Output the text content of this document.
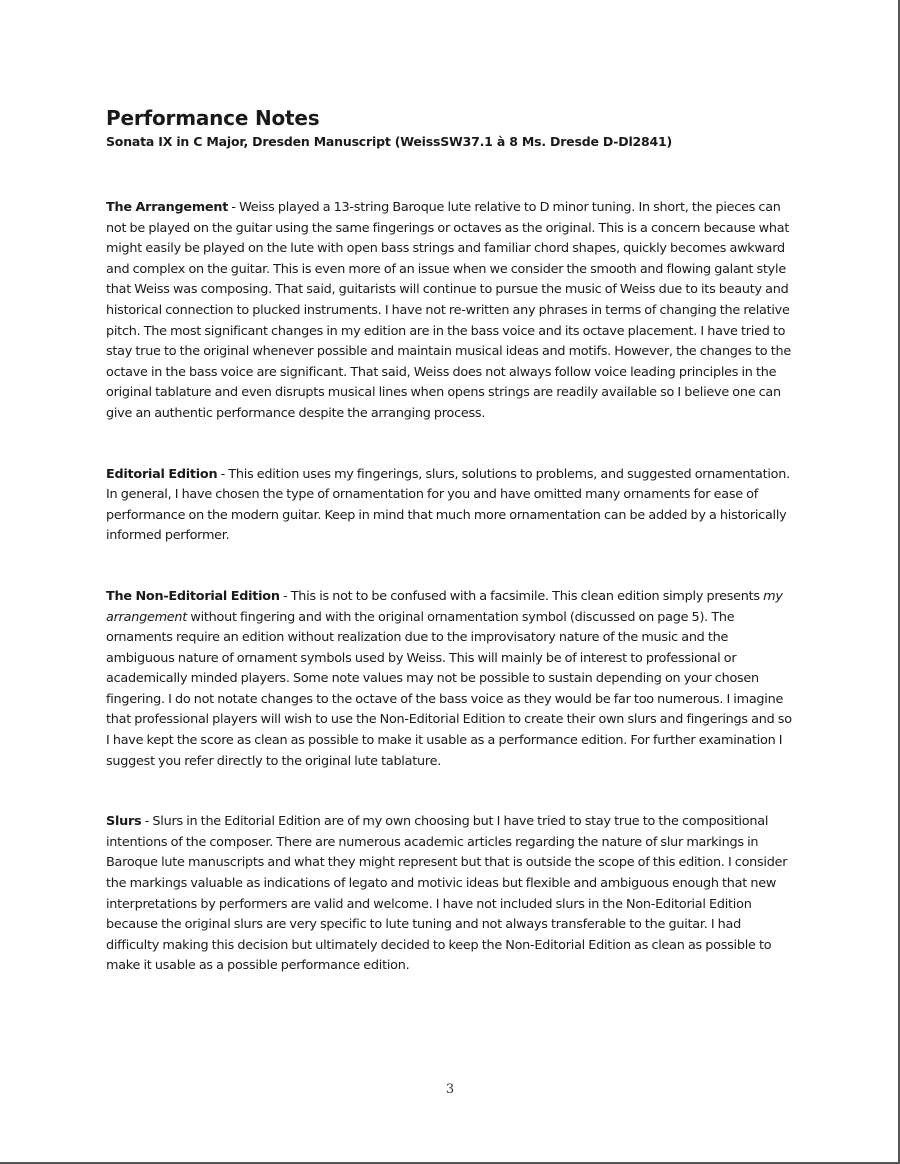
Performance Notes

Sonata IX in C Major, Dresden Manuscript (WeissSW37.1 à 8 Ms. Dresde D-Dl2841)

The Arrangement - Weiss played a 13-string Baroque lute relative to D minor tuning. In short, the pieces can not be played on the guitar using the same fingerings or octaves as the original. This is a concern because what might easily be played on the lute with open bass strings and familiar chord shapes, quickly becomes awkward and complex on the guitar. This is even more of an issue when we consider the smooth and flowing galant style that Weiss was composing. That said, guitarists will continue to pursue the music of Weiss due to its beauty and historical connection to plucked instruments. I have not re-written any phrases in terms of changing the relative pitch. The most significant changes in my edition are in the bass voice and its octave placement. I have tried to stay true to the original whenever possible and maintain musical ideas and motifs. However, the changes to the octave in the bass voice are significant. That said, Weiss does not always follow voice leading principles in the original tablature and even disrupts musical lines when opens strings are readily available so I believe one can give an authentic performance despite the arranging process.

Editorial Edition - This edition uses my fingerings, slurs, solutions to problems, and suggested ornamentation. In general, I have chosen the type of ornamentation for you and have omitted many ornaments for ease of performance on the modern guitar. Keep in mind that much more ornamentation can be added by a historically informed performer.

The Non-Editorial Edition - This is not to be confused with a facsimile. This clean edition simply presents my arrangement without fingering and with the original ornamentation symbol (discussed on page 5). The ornaments require an edition without realization due to the improvisatory nature of the music and the ambiguous nature of ornament symbols used by Weiss. This will mainly be of interest to professional or academically minded players. Some note values may not be possible to sustain depending on your chosen fingering. I do not notate changes to the octave of the bass voice as they would be far too numerous. I imagine that professional players will wish to use the Non-Editorial Edition to create their own slurs and fingerings and so I have kept the score as clean as possible to make it usable as a performance edition. For further examination I suggest you refer directly to the original lute tablature.

Slurs - Slurs in the Editorial Edition are of my own choosing but I have tried to stay true to the compositional intentions of the composer. There are numerous academic articles regarding the nature of slur markings in Baroque lute manuscripts and what they might represent but that is outside the scope of this edition. I consider the markings valuable as indications of legato and motivic ideas but flexible and ambiguous enough that new interpretations by performers are valid and welcome. I have not included slurs in the Non-Editorial Edition because the original slurs are very specific to lute tuning and not always transferable to the guitar. I had difficulty making this decision but ultimately decided to keep the Non-Editorial Edition as clean as possible to make it usable as a possible performance edition.

3
